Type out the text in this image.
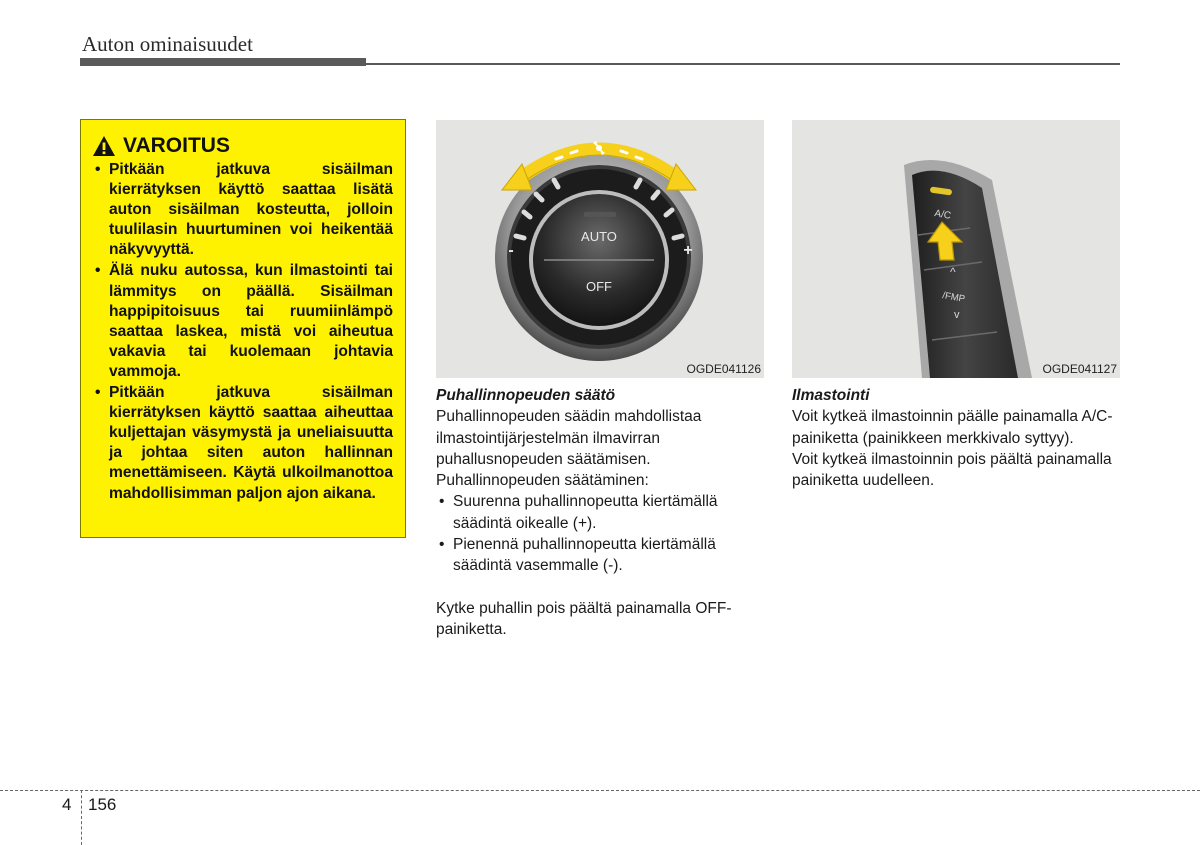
Auton ominaisuudet
VAROITUS
• Pitkään jatkuva sisäilman kierrätyksen käyttö saattaa lisätä auton sisäilman kosteutta, jolloin tuulilasin huurtuminen voi heikentää näkyvyyttä.
• Älä nuku autossa, kun ilmastointi tai lämmitys on päällä. Sisäilman happipitoisuus tai ruumiinlämpö saattaa laskea, mistä voi aiheutua vakavia tai kuolemaan johtavia vammoja.
• Pitkään jatkuva sisäilman kierrätyksen käyttö saattaa aiheuttaa kuljettajan väsymystä ja uneliaisuutta ja johtaa siten auton hallinnan menettämiseen. Käytä ulkoilmanottoa mahdollisimman paljon ajon aikana.
AUTO
OFF
-	+
OGDE041126
A/C
^
/FMP
v
OGDE041127

Puhallinnopeuden säätö

Puhallinnopeuden säädin mahdollistaa ilmastointijärjestelmän ilmavirran puhallusnopeuden säätämisen.

Puhallinnopeuden säätäminen:

• Suurenna puhallinnopeutta kiertämällä säädintä oikealle (+).
• Pienennä puhallinnopeutta kiertämällä säädintä vasemmalle (-).

Kytke puhallin pois päältä painamalla OFF-painiketta.

Ilmastointi

Voit kytkeä ilmastoinnin päälle painamalla A/C-painiketta (painikkeen merkkivalo syttyy).

Voit kytkeä ilmastoinnin pois päältä painamalla painiketta uudelleen.

4 156
